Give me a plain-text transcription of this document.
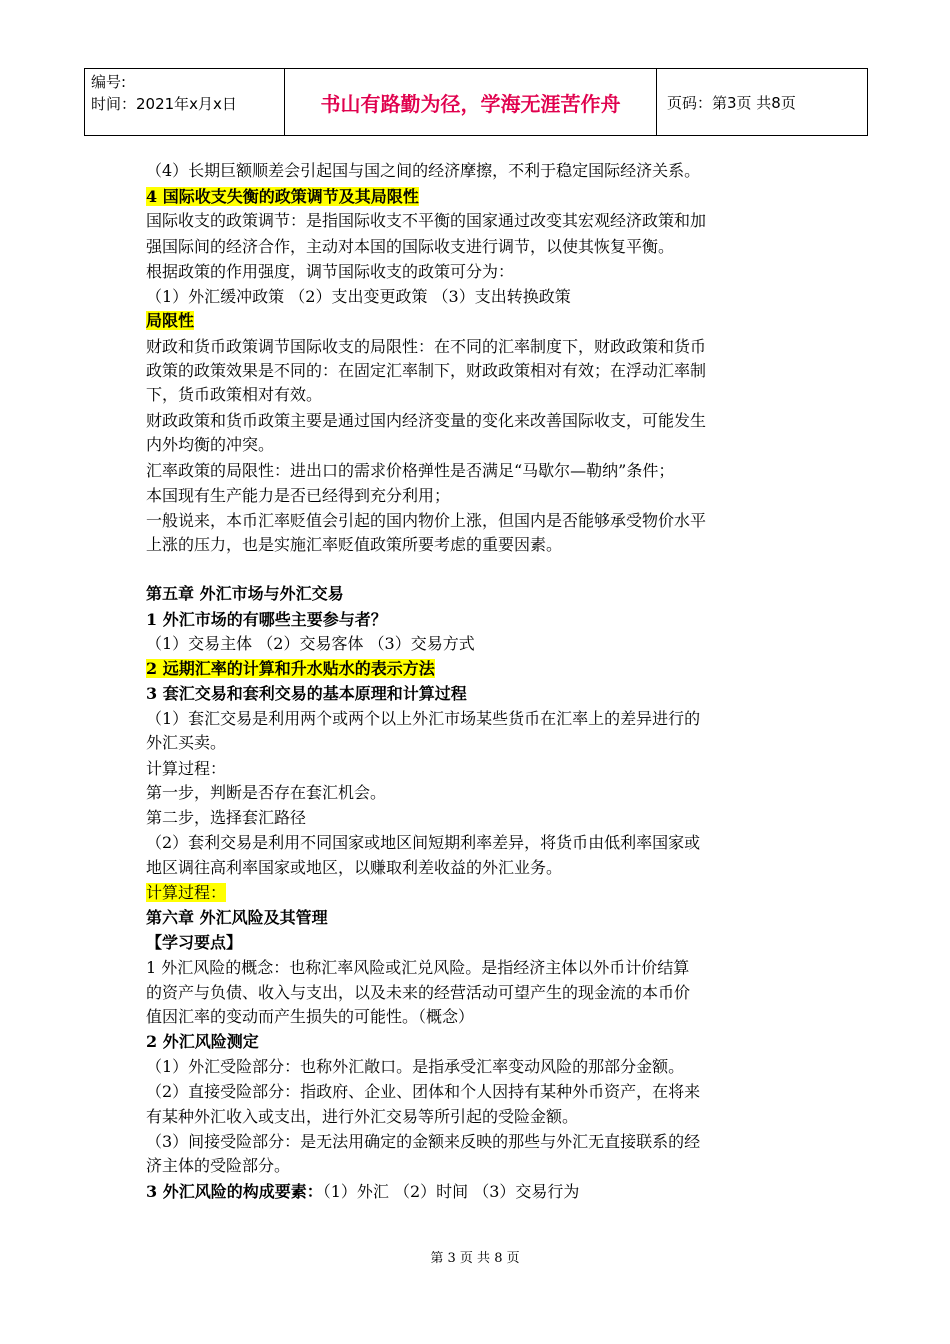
编号:
时间：2021年x月x日	书山有路勤为径，学海无涯苦作舟	页码：第3页 共8页
（4）长期巨额顺差会引起国与国之间的经济摩擦，不利于稳定国际经济关系。
4 国际收支失衡的政策调节及其局限性
国际收支的政策调节：是指国际收支不平衡的国家通过改变其宏观经济政策和加
强国际间的经济合作，主动对本国的国际收支进行调节，以使其恢复平衡。
根据政策的作用强度，调节国际收支的政策可分为：
（1）外汇缓冲政策 （2）支出变更政策 （3）支出转换政策
局限性
财政和货币政策调节国际收支的局限性：在不同的汇率制度下，财政政策和货币
政策的政策效果是不同的：在固定汇率制下，财政政策相对有效；在浮动汇率制
下，货币政策相对有效。
财政政策和货币政策主要是通过国内经济变量的变化来改善国际收支，可能发生
内外均衡的冲突。
汇率政策的局限性：进出口的需求价格弹性是否满足“马歇尔—勒纳”条件；
本国现有生产能力是否已经得到充分利用；
一般说来，本币汇率贬值会引起的国内物价上涨，但国内是否能够承受物价水平
上涨的压力，也是实施汇率贬值政策所要考虑的重要因素。
第五章 外汇市场与外汇交易
1 外汇市场的有哪些主要参与者？
（1）交易主体 （2）交易客体 （3）交易方式
2 远期汇率的计算和升水贴水的表示方法
3 套汇交易和套利交易的基本原理和计算过程
（1）套汇交易是利用两个或两个以上外汇市场某些货币在汇率上的差异进行的
外汇买卖。
计算过程：
第一步，判断是否存在套汇机会。
第二步，选择套汇路径
（2）套利交易是利用不同国家或地区间短期利率差异，将货币由低利率国家或
地区调往高利率国家或地区，以赚取利差收益的外汇业务。
计算过程：
第六章 外汇风险及其管理
【学习要点】
1 外汇风险的概念：也称汇率风险或汇兑风险。是指经济主体以外币计价结算
的资产与负债、收入与支出，以及未来的经营活动可望产生的现金流的本币价
值因汇率的变动而产生损失的可能性。（概念）
2 外汇风险测定
（1）外汇受险部分：也称外汇敞口。是指承受汇率变动风险的那部分金额。
（2）直接受险部分：指政府、企业、团体和个人因持有某种外币资产，在将来
有某种外汇收入或支出，进行外汇交易等所引起的受险金额。
（3）间接受险部分：是无法用确定的金额来反映的那些与外汇无直接联系的经
济主体的受险部分。
3 外汇风险的构成要素：（1）外汇 （2）时间 （3）交易行为
第 3 页 共 8 页
